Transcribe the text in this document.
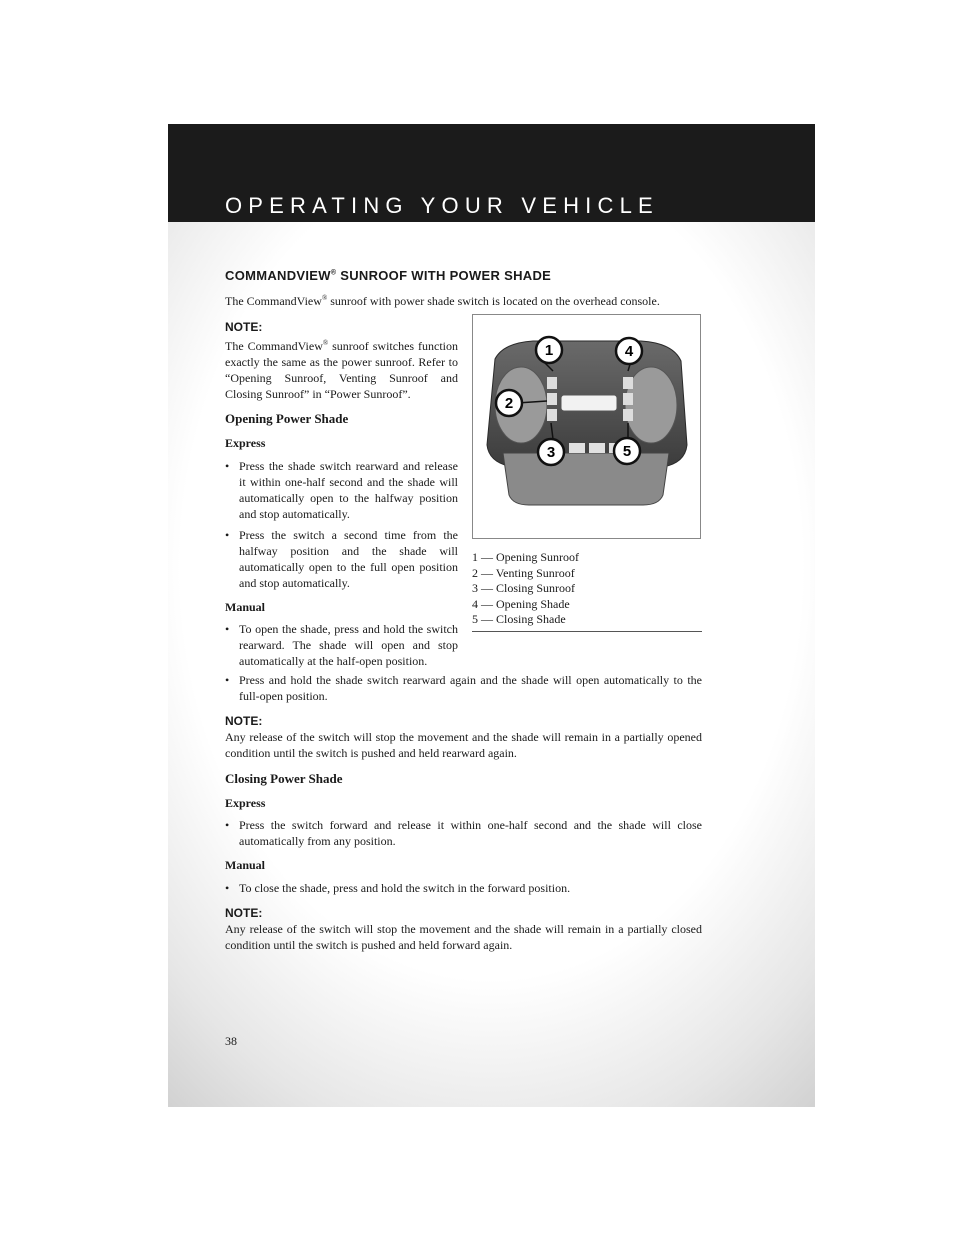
OPERATING YOUR VEHICLE
COMMANDVIEW® SUNROOF WITH POWER SHADE
The CommandView® sunroof with power shade switch is located on the overhead console.
NOTE:
The CommandView® sunroof switches function exactly the same as the power sunroof. Refer to “Opening Sunroof, Venting Sunroof and Closing Sunroof” in “Power Sunroof”.
Opening Power Shade
Express
• Press the shade switch rearward and release it within one-half second and the shade will automatically open to the halfway position and stop automatically.
• Press the switch a second time from the halfway position and the shade will automatically open to the full open position and stop automatically.
Manual
• To open the shade, press and hold the switch rearward. The shade will open and stop automatically at the half-open position.
1	4
2
3	5
1 — Opening Sunroof
2 — Venting Sunroof
3 — Closing Sunroof
4 — Opening Shade
5 — Closing Shade
• Press and hold the shade switch rearward again and the shade will open automatically to the full-open position.
NOTE:
Any release of the switch will stop the movement and the shade will remain in a partially opened condition until the switch is pushed and held rearward again.
Closing Power Shade
Express
• Press the switch forward and release it within one-half second and the shade will close automatically from any position.
Manual
• To close the shade, press and hold the switch in the forward position.
NOTE:
Any release of the switch will stop the movement and the shade will remain in a partially closed condition until the switch is pushed and held forward again.
38
